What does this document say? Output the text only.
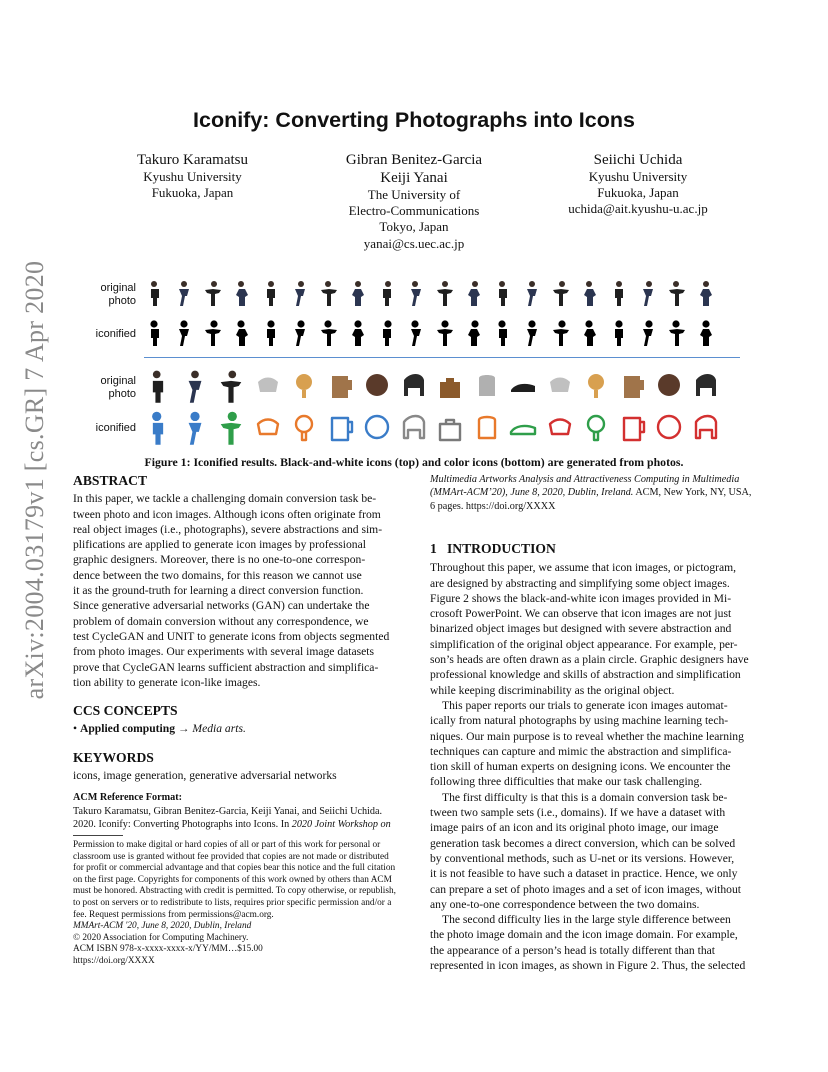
arXiv:2004.03179v1 [cs.GR] 7 Apr 2020
Iconify: Converting Photographs into Icons
Takuro Karamatsu
Kyushu University
Fukuoka, Japan
Gibran Benitez-Garcia
Keiji Yanai
The University of
Electro-Communications
Tokyo, Japan
yanai@cs.uec.ac.jp
Seiichi Uchida
Kyushu University
Fukuoka, Japan
uchida@ait.kyushu-u.ac.jp
original
photo
iconified
original
photo
iconified
Figure 1: Iconified results. Black-and-white icons (top) and color icons (bottom) are generated from photos.
ABSTRACT
In this paper, we tackle a challenging domain conversion task be-
tween photo and icon images. Although icons often originate from
real object images (i.e., photographs), severe abstractions and sim-
plifications are applied to generate icon images by professional
graphic designers. Moreover, there is no one-to-one correspon-
dence between the two domains, for this reason we cannot use
it as the ground-truth for learning a direct conversion function.
Since generative adversarial networks (GAN) can undertake the
problem of domain conversion without any correspondence, we
test CycleGAN and UNIT to generate icons from objects segmented
from photo images. Our experiments with several image datasets
prove that CycleGAN learns sufficient abstraction and simplifica-
tion ability to generate icon-like images.
CCS CONCEPTS
• Applied computing → Media arts.
KEYWORDS
icons, image generation, generative adversarial networks
ACM Reference Format:
Takuro Karamatsu, Gibran Benitez-Garcia, Keiji Yanai, and Seiichi Uchida.
2020. Iconify: Converting Photographs into Icons. In 2020 Joint Workshop on
Permission to make digital or hard copies of all or part of this work for personal or
classroom use is granted without fee provided that copies are not made or distributed
for profit or commercial advantage and that copies bear this notice and the full citation
on the first page. Copyrights for components of this work owned by others than ACM
must be honored. Abstracting with credit is permitted. To copy otherwise, or republish,
to post on servers or to redistribute to lists, requires prior specific permission and/or a
fee. Request permissions from permissions@acm.org.
MMArt-ACM '20, June 8, 2020, Dublin, Ireland
© 2020 Association for Computing Machinery.
ACM ISBN 978-x-xxxx-xxxx-x/YY/MM…$15.00
https://doi.org/XXXX
Multimedia Artworks Analysis and Attractiveness Computing in Multimedia
(MMArt-ACM’20), June 8, 2020, Dublin, Ireland. ACM, New York, NY, USA,
6 pages. https://doi.org/XXXX
1 INTRODUCTION
Throughout this paper, we assume that icon images, or pictogram,
are designed by abstracting and simplifying some object images.
Figure 2 shows the black-and-white icon images provided in Mi-
crosoft PowerPoint. We can observe that icon images are not just
binarized object images but designed with severe abstraction and
simplification of the original object appearance. For example, per-
son’s heads are often drawn as a plain circle. Graphic designers have
professional knowledge and skills of abstraction and simplification
while keeping discriminability as the original object.
This paper reports our trials to generate icon images automat-
ically from natural photographs by using machine learning tech-
niques. Our main purpose is to reveal whether the machine learning
techniques can capture and mimic the abstraction and simplifica-
tion skill of human experts on designing icons. We encounter the
following three difficulties that make our task challenging.
The first difficulty is that this is a domain conversion task be-
tween two sample sets (i.e., domains). If we have a dataset with
image pairs of an icon and its original photo image, our image
generation task becomes a direct conversion, which can be solved
by conventional methods, such as U-net or its versions. However,
it is not feasible to have such a dataset in practice. Hence, we only
can prepare a set of photo images and a set of icon images, without
any one-to-one correspondence between the two domains.
The second difficulty lies in the large style difference between
the photo image domain and the icon image domain. For example,
the appearance of a person’s head is totally different than that
represented in icon images, as shown in Figure 2. Thus, the selected
